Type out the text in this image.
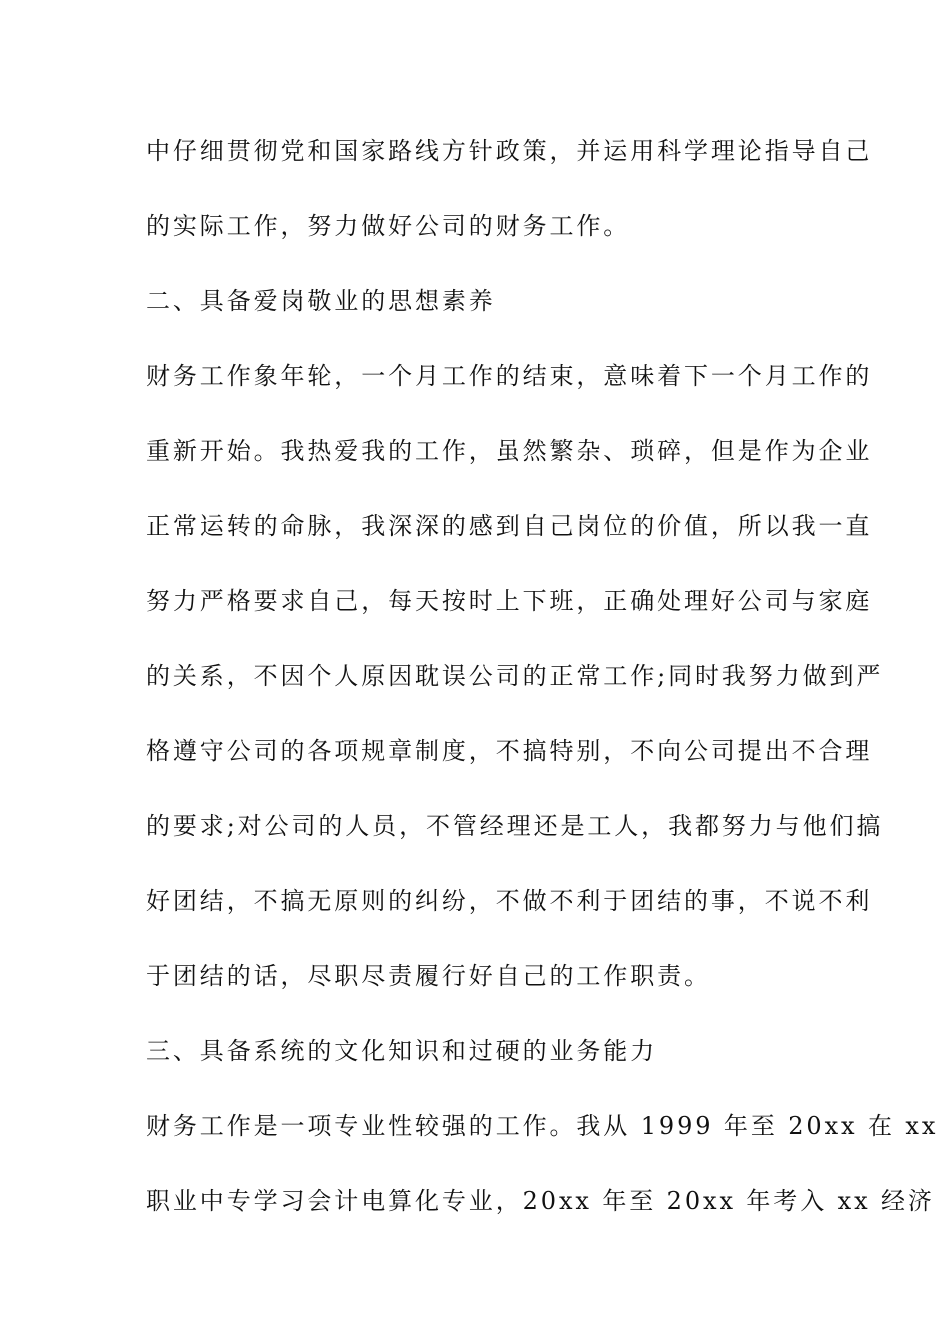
中仔细贯彻党和国家路线方针政策，并运用科学理论指导自己
的实际工作，努力做好公司的财务工作。
二、具备爱岗敬业的思想素养
财务工作象年轮，一个月工作的结束，意味着下一个月工作的
重新开始。我热爱我的工作，虽然繁杂、琐碎，但是作为企业
正常运转的命脉，我深深的感到自己岗位的价值，所以我一直
努力严格要求自己，每天按时上下班，正确处理好公司与家庭
的关系，不因个人原因耽误公司的正常工作;同时我努力做到严
格遵守公司的各项规章制度，不搞特别，不向公司提出不合理
的要求;对公司的人员，不管经理还是工人，我都努力与他们搞
好团结，不搞无原则的纠纷，不做不利于团结的事，不说不利
于团结的话，尽职尽责履行好自己的工作职责。
三、具备系统的文化知识和过硬的业务能力
财务工作是一项专业性较强的工作。我从 1999 年至 20xx 在 xx
职业中专学习会计电算化专业，20xx 年至 20xx 年考入 xx 经济
